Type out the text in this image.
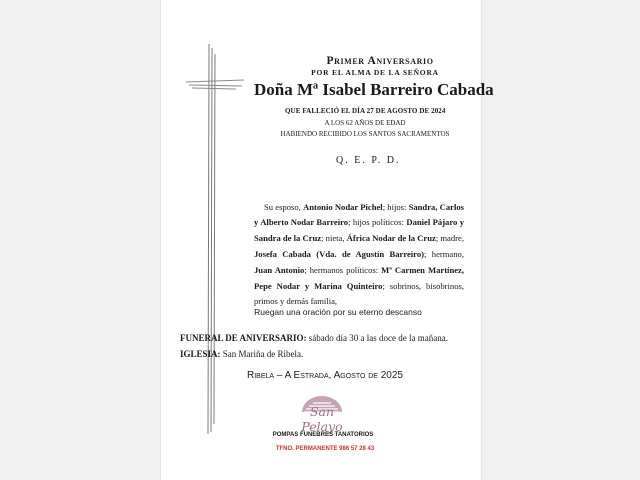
Primer Aniversario
POR EL ALMA DE LA SEÑORA
Doña Mª Isabel Barreiro Cabada
QUE FALLECIÓ EL DÍA 27 DE AGOSTO DE 2024
A LOS 62 AÑOS DE EDAD
HABIENDO RECIBIDO LOS SANTOS SACRAMENTOS
Q. E. P. D.

Su esposo, Antonio Nodar Pichel; hijos: Sandra, Carlos y Alberto Nodar Barreiro; hijos políticos: Daniel Pájaro y Sandra de la Cruz; nieta, África Nodar de la Cruz; madre, Josefa Cabada (Vda. de Agustín Barreiro); hermano, Juan Antonio; hermanos políticos: Mª Carmen Martínez, Pepe Nodar y Marina Quinteiro; sobrinos, bisobrinos, primos y demás familia,

Ruegan una oración por su eterno descanso
FUNERAL DE ANIVERSARIO: sábado día 30 a las doce de la mañana.
IGLESIA: San Mariña de Ribela.
Ribela – A Estrada, Agosto de 2025
San Pelayo
POMPAS FUNEBRES TANATORIOS
TFNO. PERMANENTE 986 57 28 43
